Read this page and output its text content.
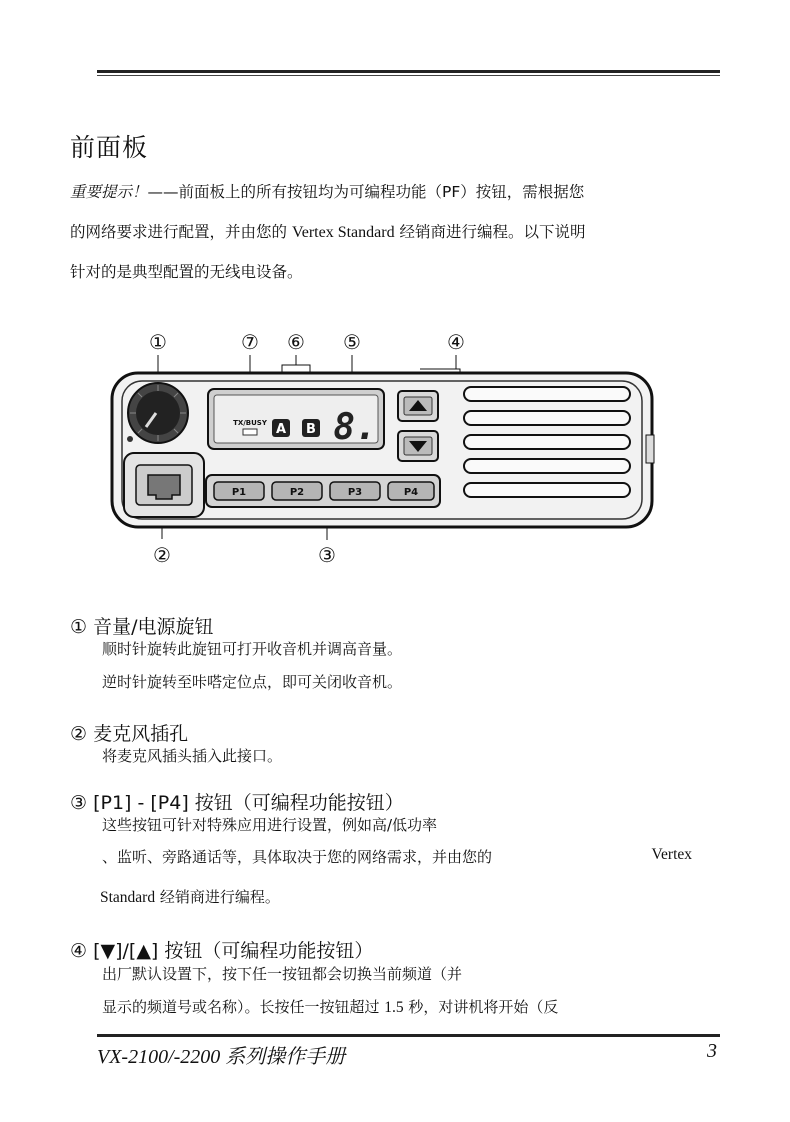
前面板
重要提示！——前面板上的所有按钮均为可编程功能（PF）按钮，需根据您
的网络要求进行配置，并由您的 Vertex Standard 经销商进行编程。以下说明
针对的是典型配置的无线电设备。
①	⑦ ⑥ ⑤	④
②	③
TX/BUSY A B 8.
P1	P2	P3	P4
① 音量/电源旋钮
顺时针旋转此旋钮可打开收音机并调高音量。
逆时针旋转至咔嗒定位点，即可关闭收音机。
② 麦克风插孔
将麦克风插头插入此接口。
③ [P1] - [P4] 按钮（可编程功能按钮）
这些按钮可针对特殊应用进行设置，例如高/低功率
、监听、旁路通话等，具体取决于您的网络需求，并由您的	Vertex
Standard 经销商进行编程。
④ [▼]/[▲] 按钮（可编程功能按钮）
出厂默认设置下，按下任一按钮都会切换当前频道（并
显示的频道号或名称）。长按任一按钮超过 1.5 秒，对讲机将开始（反
VX-2100/-2200 系列操作手册	3
